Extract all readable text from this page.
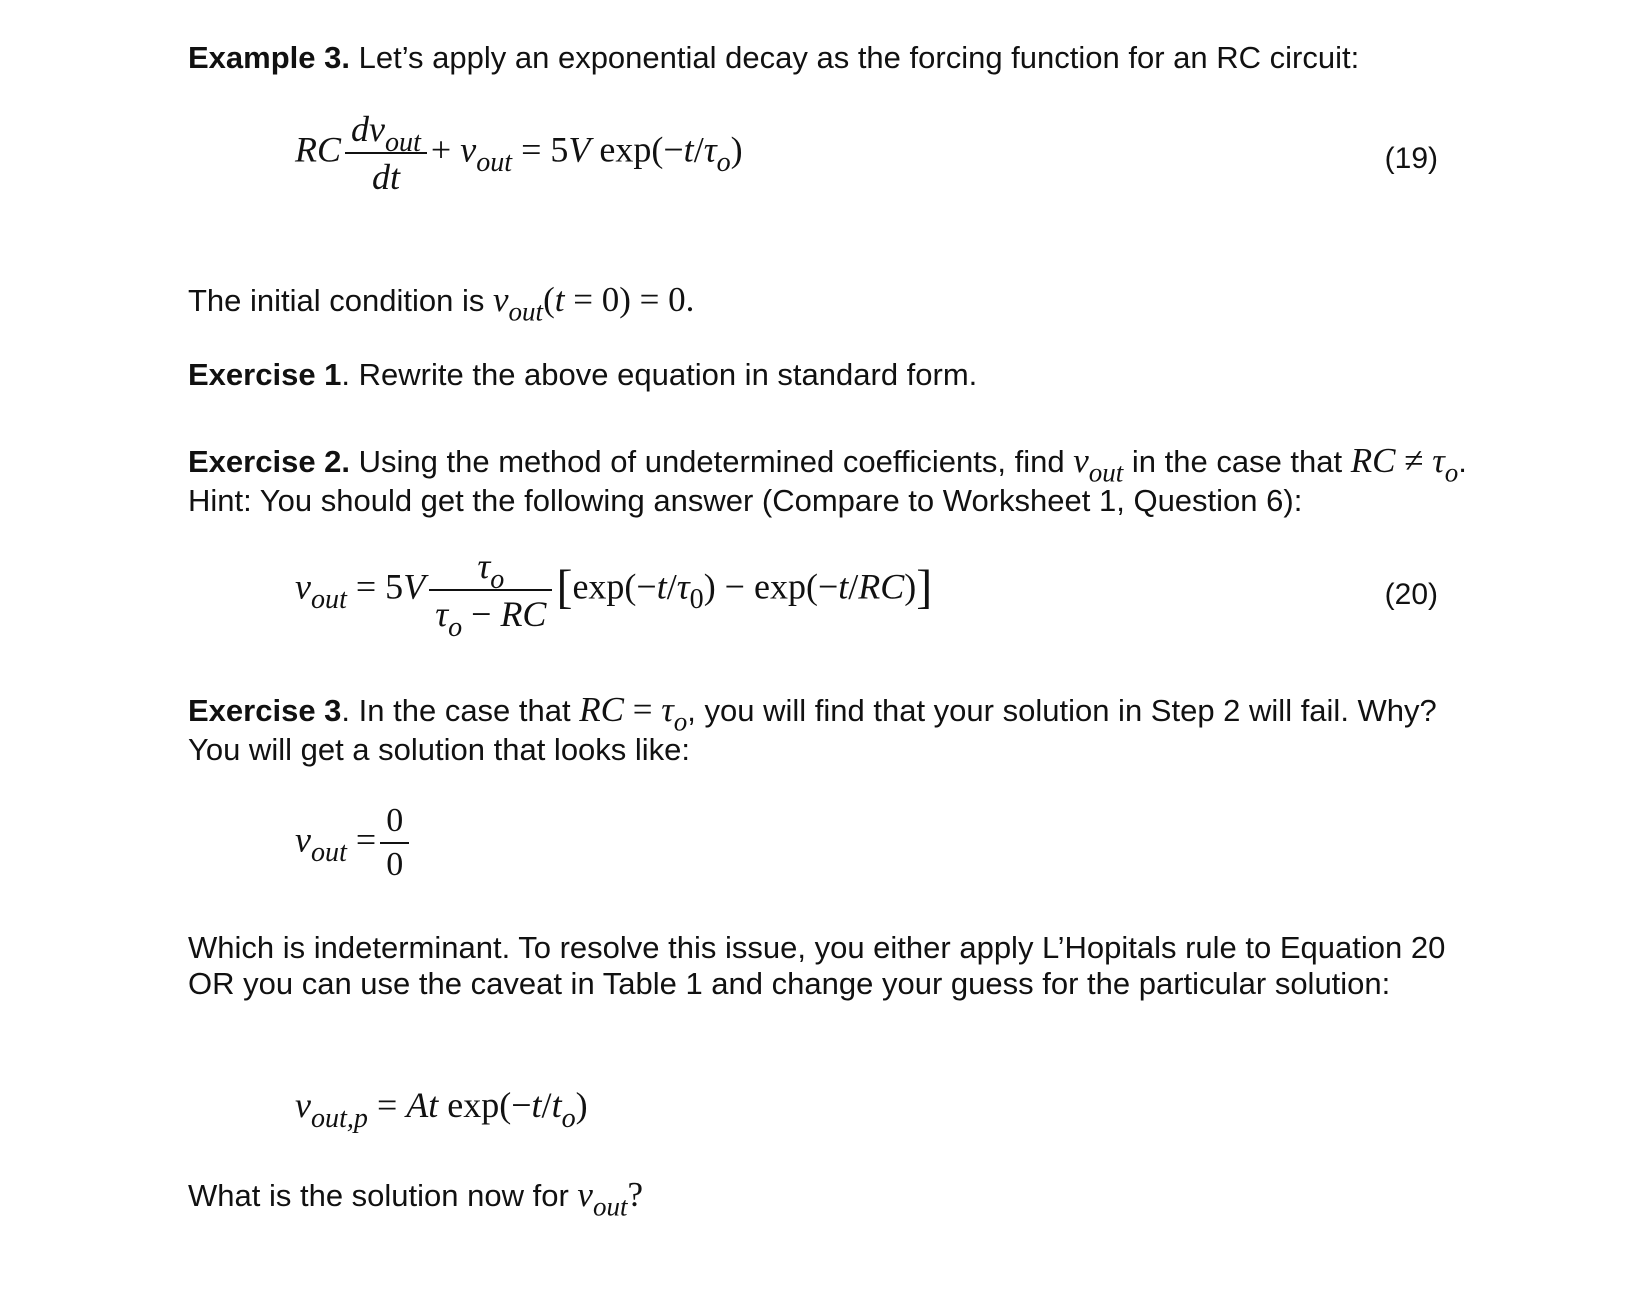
Example 3. Let’s apply an exponential decay as the forcing function for an RC circuit:
RC $\frac{dv_{out}}{dt} + v_{out} = 5V$ $\exp(-t/\tau_o)$	(19)
The initial condition is $v_{out}(t = 0) = 0$.
Exercise 1. Rewrite the above equation in standard form.
Exercise 2. Using the method of undetermined coefficients, find $v_{out}$ in the case that RC ≠ $\tau_o$.
Hint: You should get the following answer (Compare to Worksheet 1, Question 6):
$v_{out} = 5V \frac{\tau_o}{\tau_o - RC} [\exp(-t/\tau_0) - \exp(-t/RC)]$	(20)
Exercise 3. In the case that RC = $\tau_o$, you will find that your solution in Step 2 will fail. Why?
You will get a solution that looks like:
$v_{out} = \frac{0}{0}$
Which is indeterminant. To resolve this issue, you either apply L’Hopitals rule to Equation 20
OR you can use the caveat in Table 1 and change your guess for the particular solution:
$v_{out,p} = At$ $\exp(-t/t_o)$
What is the solution now for $v_{out}$?
